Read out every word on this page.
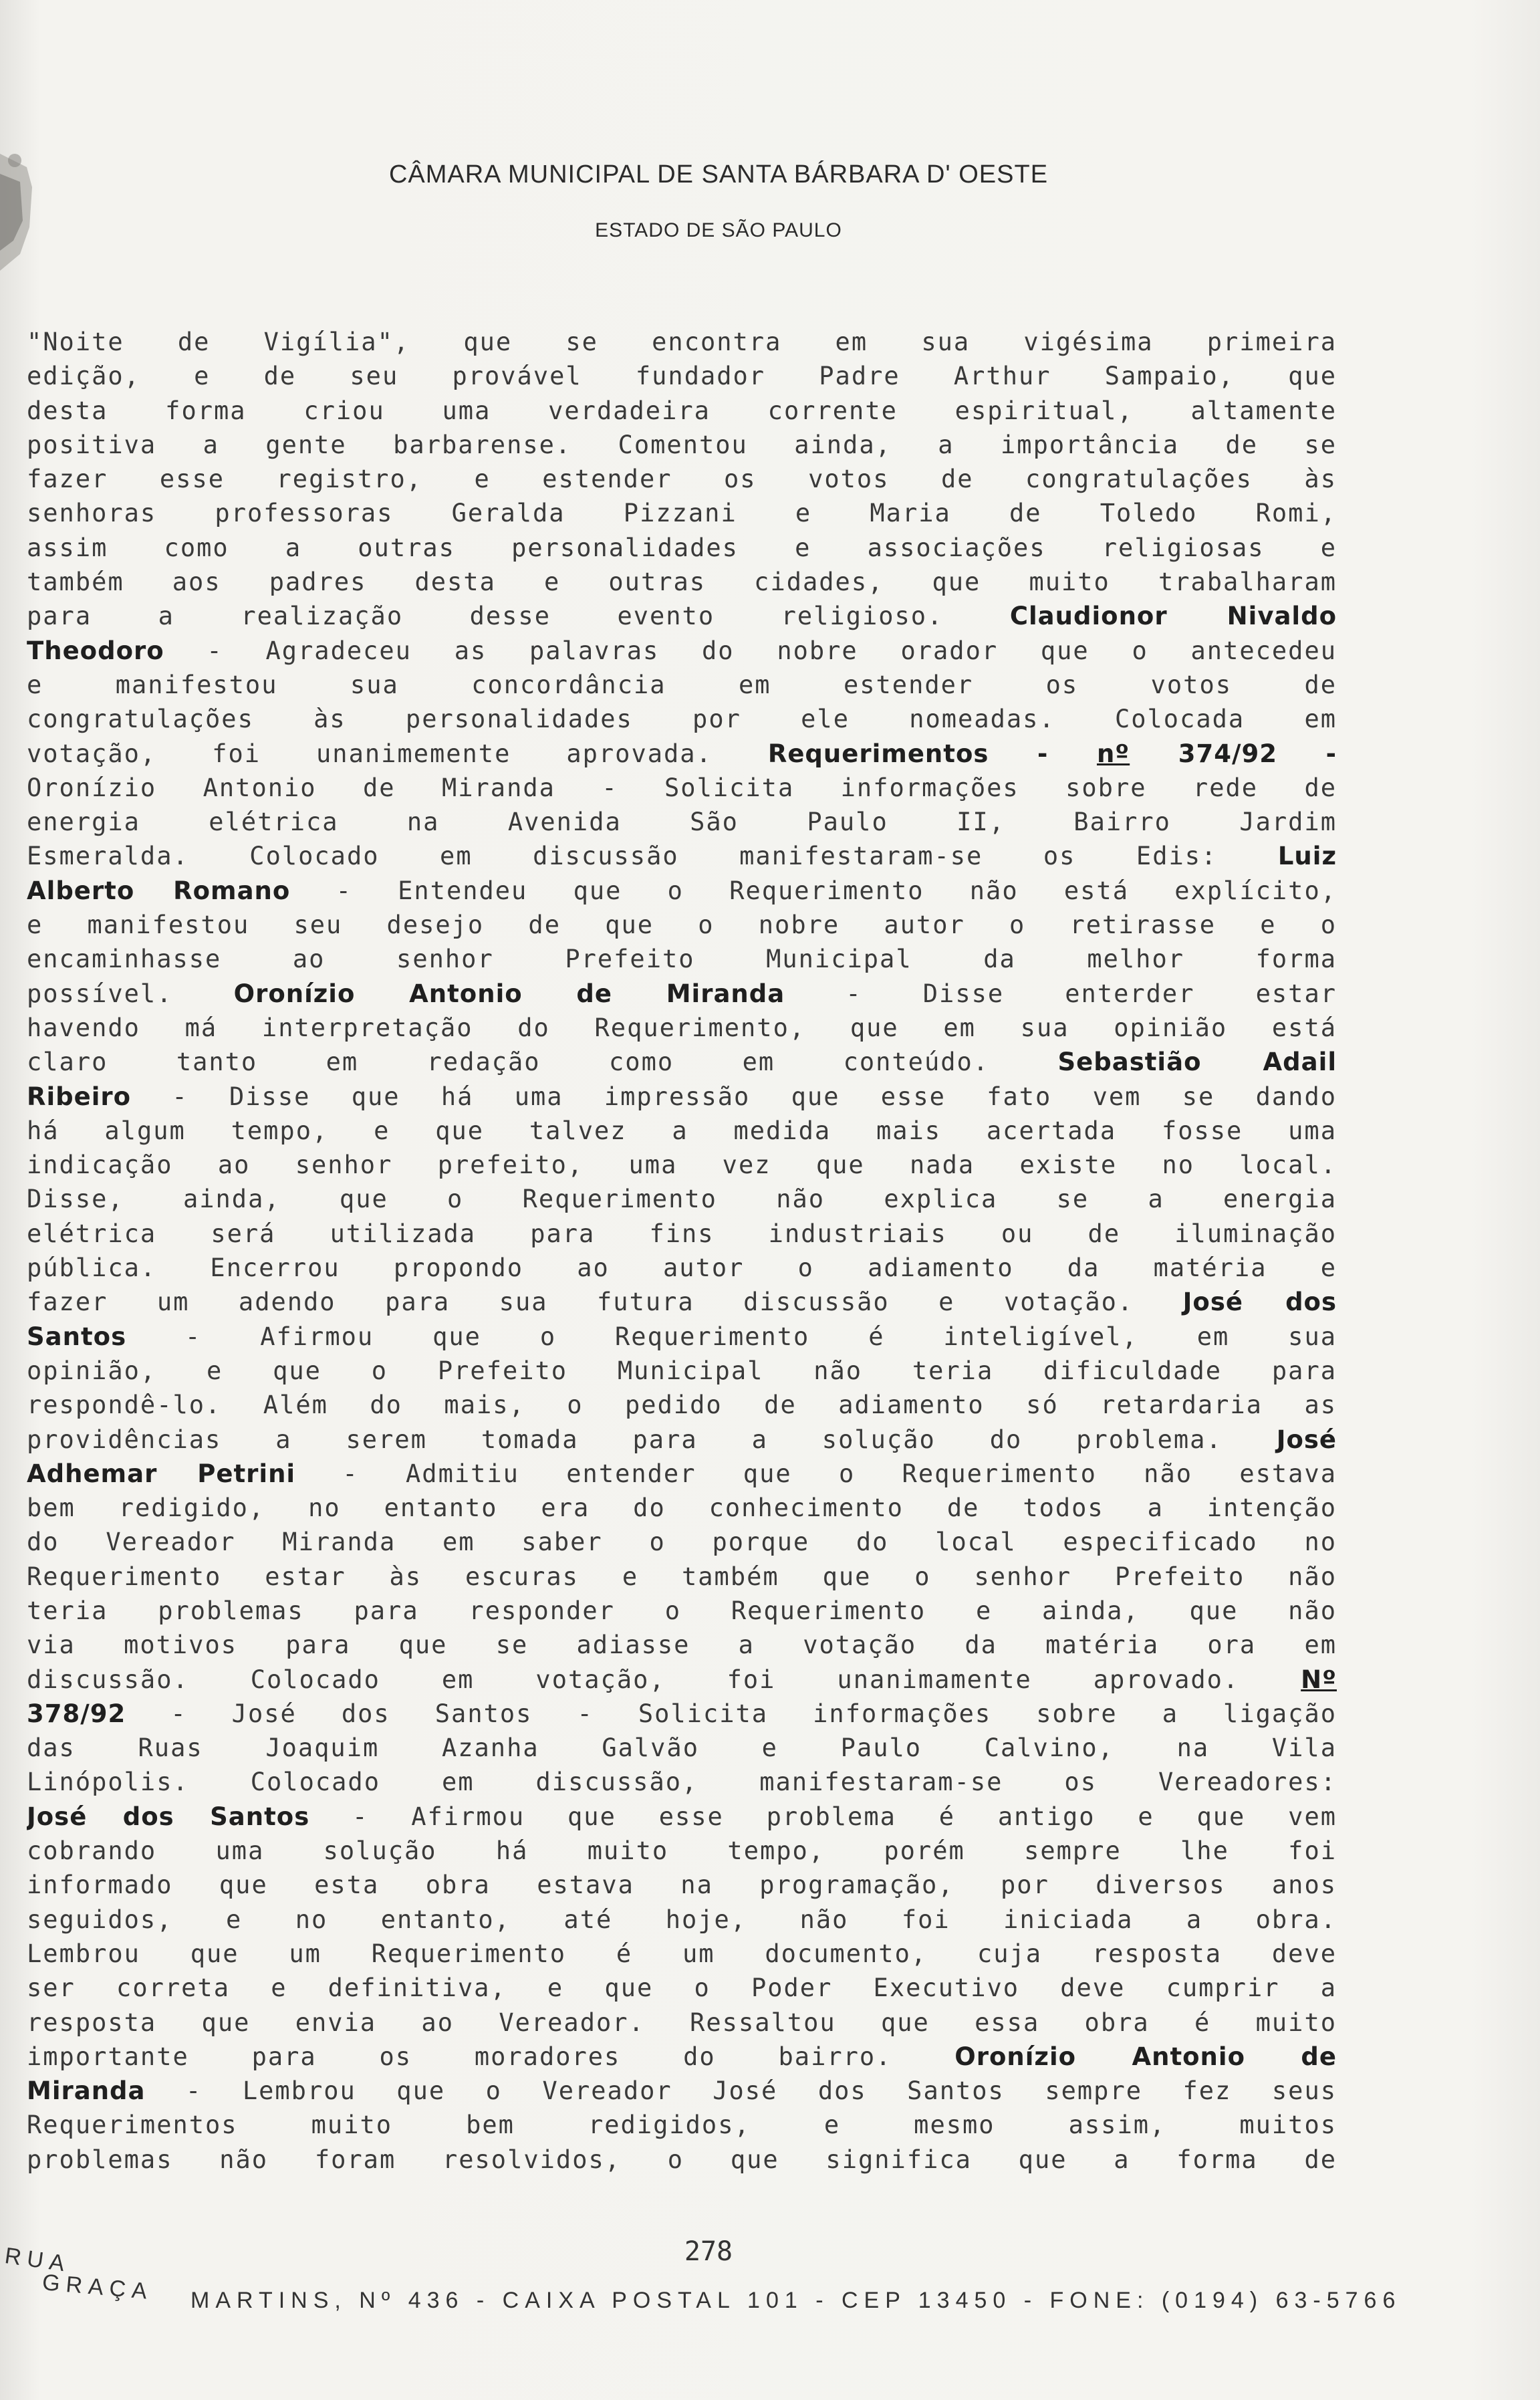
CÂMARA MUNICIPAL DE SANTA BÁRBARA D' OESTE
ESTADO DE SÃO PAULO
"Noite de Vigília", que se encontra em sua vigésima primeira
edição, e de seu provável fundador Padre Arthur Sampaio, que
desta forma criou uma verdadeira corrente espiritual, altamente
positiva a gente barbarense. Comentou ainda, a importância de se
fazer esse registro, e estender os votos de congratulações às
senhoras professoras Geralda Pizzani e Maria de Toledo Romi,
assim como a outras personalidades e associações religiosas e
também aos padres desta e outras cidades, que muito trabalharam
para a realização desse evento religioso. Claudionor Nivaldo
Theodoro - Agradeceu as palavras do nobre orador que o antecedeu
e manifestou sua concordância em estender os votos de
congratulações às personalidades por ele nomeadas. Colocada em
votação, foi unanimemente aprovada. Requerimentos - nº 374/92 -
Oronízio Antonio de Miranda - Solicita informações sobre rede de
energia elétrica na Avenida São Paulo II, Bairro Jardim
Esmeralda. Colocado em discussão manifestaram-se os Edis: Luiz
Alberto Romano - Entendeu que o Requerimento não está explícito,
e manifestou seu desejo de que o nobre autor o retirasse e o
encaminhasse ao senhor Prefeito Municipal da melhor forma
possível. Oronízio Antonio de Miranda - Disse enterder estar
havendo má interpretação do Requerimento, que em sua opinião está
claro tanto em redação como em conteúdo. Sebastião Adail
Ribeiro - Disse que há uma impressão que esse fato vem se dando
há algum tempo, e que talvez a medida mais acertada fosse uma
indicação ao senhor prefeito, uma vez que nada existe no local.
Disse, ainda, que o Requerimento não explica se a energia
elétrica será utilizada para fins industriais ou de iluminação
pública. Encerrou propondo ao autor o adiamento da matéria e
fazer um adendo para sua futura discussão e votação. José dos
Santos - Afirmou que o Requerimento é inteligível, em sua
opinião, e que o Prefeito Municipal não teria dificuldade para
respondê-lo. Além do mais, o pedido de adiamento só retardaria as
providências a serem tomada para a solução do problema. José
Adhemar Petrini - Admitiu entender que o Requerimento não estava
bem redigido, no entanto era do conhecimento de todos a intenção
do Vereador Miranda em saber o porque do local especificado no
Requerimento estar às escuras e também que o senhor Prefeito não
teria problemas para responder o Requerimento e ainda, que não
via motivos para que se adiasse a votação da matéria ora em
discussão. Colocado em votação, foi unanimamente aprovado. Nº
378/92 - José dos Santos - Solicita informações sobre a ligação
das Ruas Joaquim Azanha Galvão e Paulo Calvino, na Vila
Linópolis. Colocado em discussão, manifestaram-se os Vereadores:
José dos Santos - Afirmou que esse problema é antigo e que vem
cobrando uma solução há muito tempo, porém sempre lhe foi
informado que esta obra estava na programação, por diversos anos
seguidos, e no entanto, até hoje, não foi iniciada a obra.
Lembrou que um Requerimento é um documento, cuja resposta deve
ser correta e definitiva, e que o Poder Executivo deve cumprir a
resposta que envia ao Vereador. Ressaltou que essa obra é muito
importante para os moradores do bairro. Oronízio Antonio de
Miranda - Lembrou que o Vereador José dos Santos sempre fez seus
Requerimentos muito bem redigidos, e mesmo assim, muitos
problemas não foram resolvidos, o que significa que a forma de
278
RUA
GRAÇA MARTINS, Nº 436 - CAIXA POSTAL 101 - CEP 13450 - FONE: (0194) 63-5766
